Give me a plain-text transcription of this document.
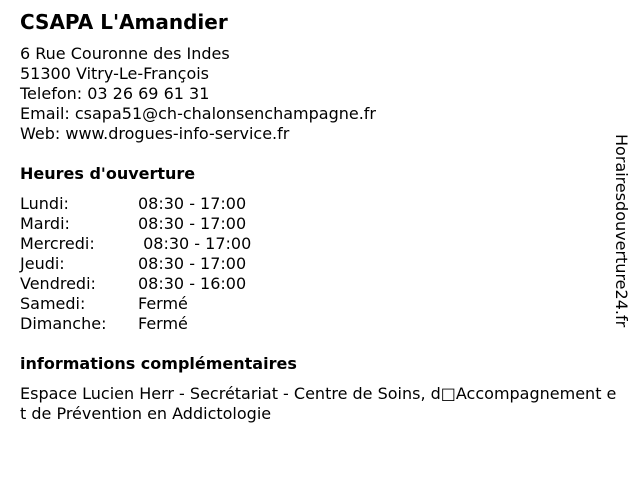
CSAPA L'Amandier
6 Rue Couronne des Indes
51300 Vitry-Le-François
Telefon: 03 26 69 61 31
Email: csapa51@ch-chalonsenchampagne.fr
Web: www.drogues-info-service.fr
Heures d'ouverture
Lundi:	08:30 - 17:00
Mardi:	08:30 - 17:00
Mercredi:	08:30 - 17:00
Jeudi:	08:30 - 17:00
Vendredi:	08:30 - 16:00
Samedi:	Fermé
Dimanche:	Fermé
informations complémentaires
Espace Lucien Herr - Secrétariat - Centre de Soins, d□Accompagnement et de Prévention en Addictologie
Horairesdouverture24.fr
